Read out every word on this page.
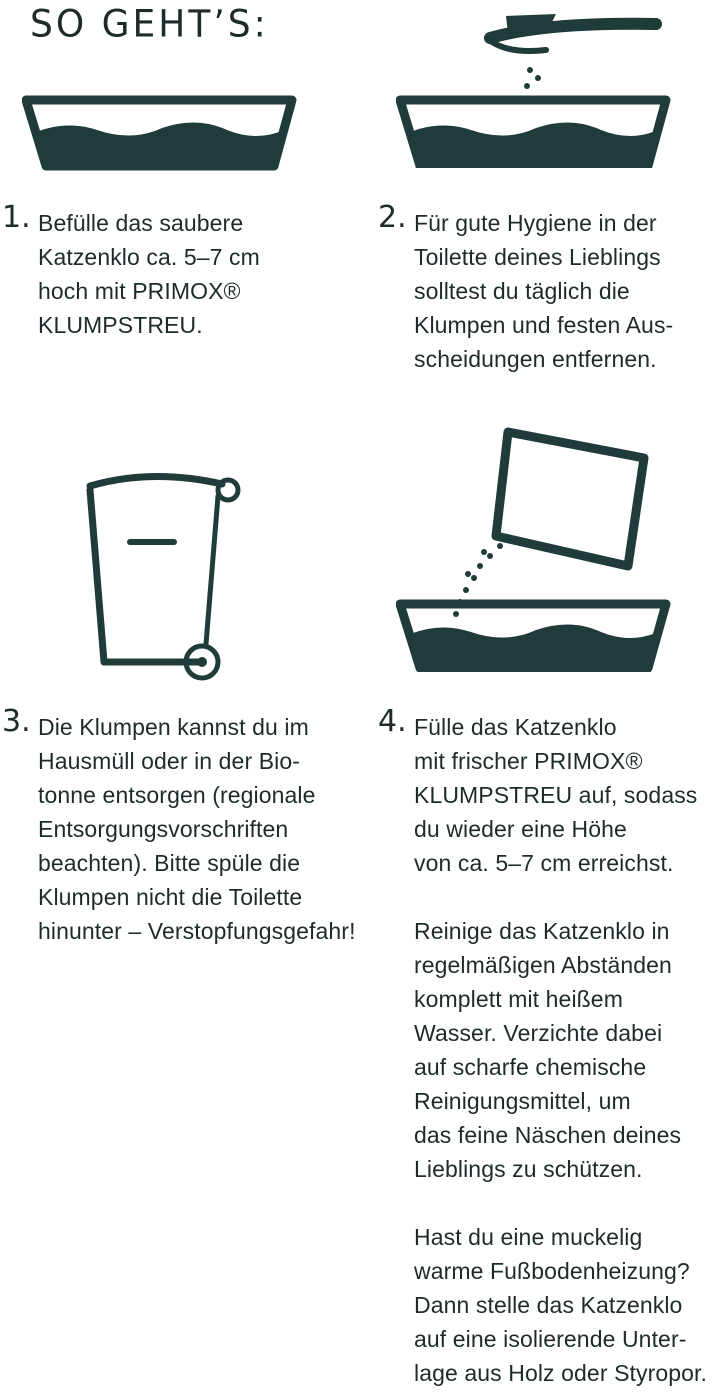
SO GEHT’S:
1. Befülle das saubere
Katzenklo ca. 5–7 cm
hoch mit PRIMOX®
KLUMPSTREU.
2. Für gute Hygiene in der
Toilette deines Lieblings
solltest du täglich die
Klumpen und festen Aus-
scheidungen entfernen.
3. Die Klumpen kannst du im
Hausmüll oder in der Bio-
tonne entsorgen (regionale
Entsorgungsvorschriften
beachten). Bitte spüle die
Klumpen nicht die Toilette
hinunter – Verstopfungsgefahr!
4. Fülle das Katzenklo
mit frischer PRIMOX®
KLUMPSTREU auf, sodass
du wieder eine Höhe
von ca. 5–7 cm erreichst.
Reinige das Katzenklo in
regelmäßigen Abständen
komplett mit heißem
Wasser. Verzichte dabei
auf scharfe chemische
Reinigungsmittel, um
das feine Näschen deines
Lieblings zu schützen.
Hast du eine muckelig
warme Fußbodenheizung?
Dann stelle das Katzenklo
auf eine isolierende Unter-
lage aus Holz oder Styropor.
